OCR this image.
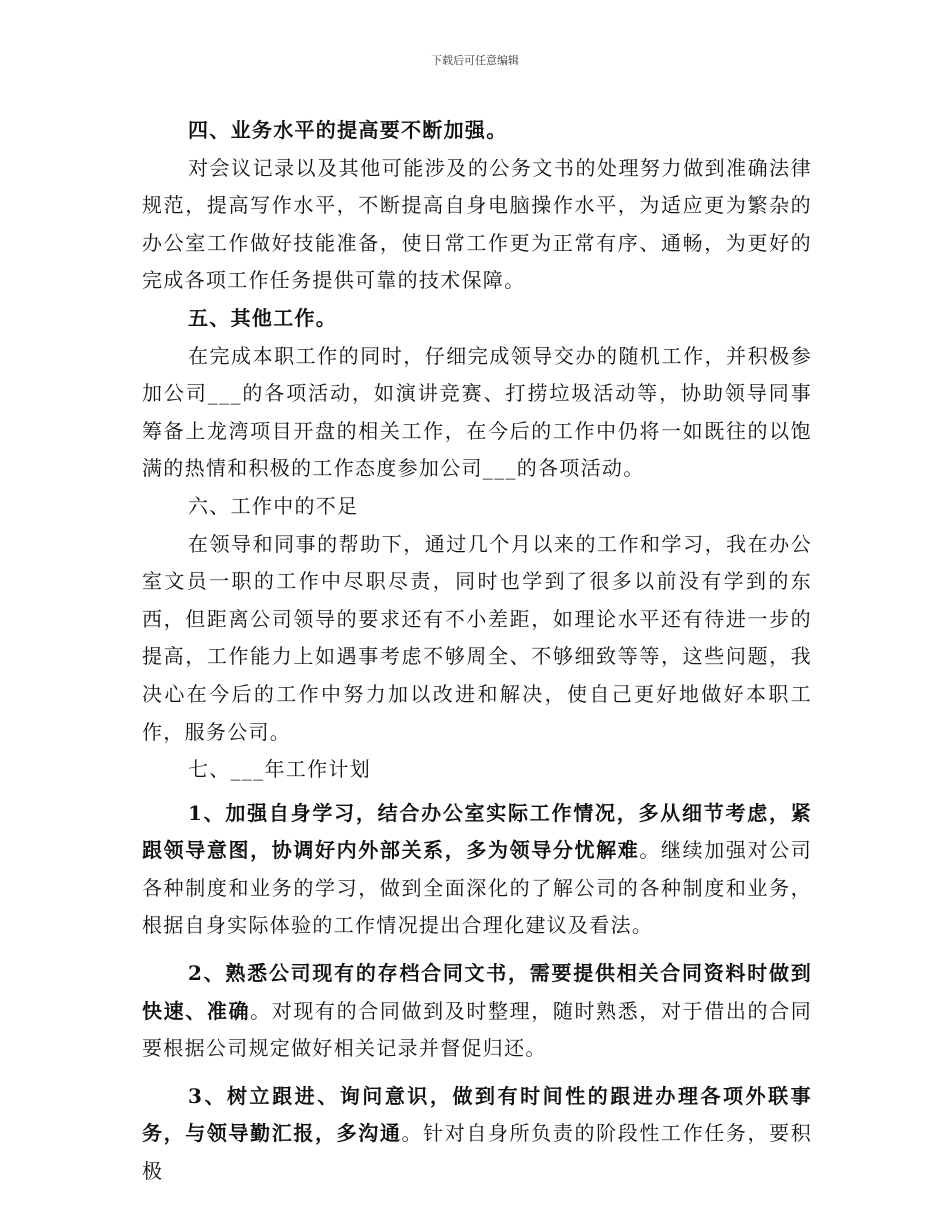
下载后可任意编辑

四、业务水平的提高要不断加强。

对会议记录以及其他可能涉及的公务文书的处理努力做到准确法律规范，提高写作水平，不断提高自身电脑操作水平，为适应更为繁杂的办公室工作做好技能准备，使日常工作更为正常有序、通畅，为更好的完成各项工作任务提供可靠的技术保障。

五、其他工作。

在完成本职工作的同时，仔细完成领导交办的随机工作，并积极参加公司___的各项活动，如演讲竞赛、打捞垃圾活动等，协助领导同事筹备上龙湾项目开盘的相关工作，在今后的工作中仍将一如既往的以饱满的热情和积极的工作态度参加公司___的各项活动。

六、工作中的不足

在领导和同事的帮助下，通过几个月以来的工作和学习，我在办公室文员一职的工作中尽职尽责，同时也学到了很多以前没有学到的东西，但距离公司领导的要求还有不小差距，如理论水平还有待进一步的提高，工作能力上如遇事考虑不够周全、不够细致等等，这些问题，我决心在今后的工作中努力加以改进和解决，使自己更好地做好本职工作，服务公司。

七、___年工作计划

1、加强自身学习，结合办公室实际工作情况，多从细节考虑，紧跟领导意图，协调好内外部关系，多为领导分忧解难。继续加强对公司各种制度和业务的学习，做到全面深化的了解公司的各种制度和业务，根据自身实际体验的工作情况提出合理化建议及看法。

2、熟悉公司现有的存档合同文书，需要提供相关合同资料时做到快速、准确。对现有的合同做到及时整理，随时熟悉，对于借出的合同要根据公司规定做好相关记录并督促归还。

3、树立跟进、询问意识，做到有时间性的跟进办理各项外联事务，与领导勤汇报，多沟通。针对自身所负责的阶段性工作任务，要积极
